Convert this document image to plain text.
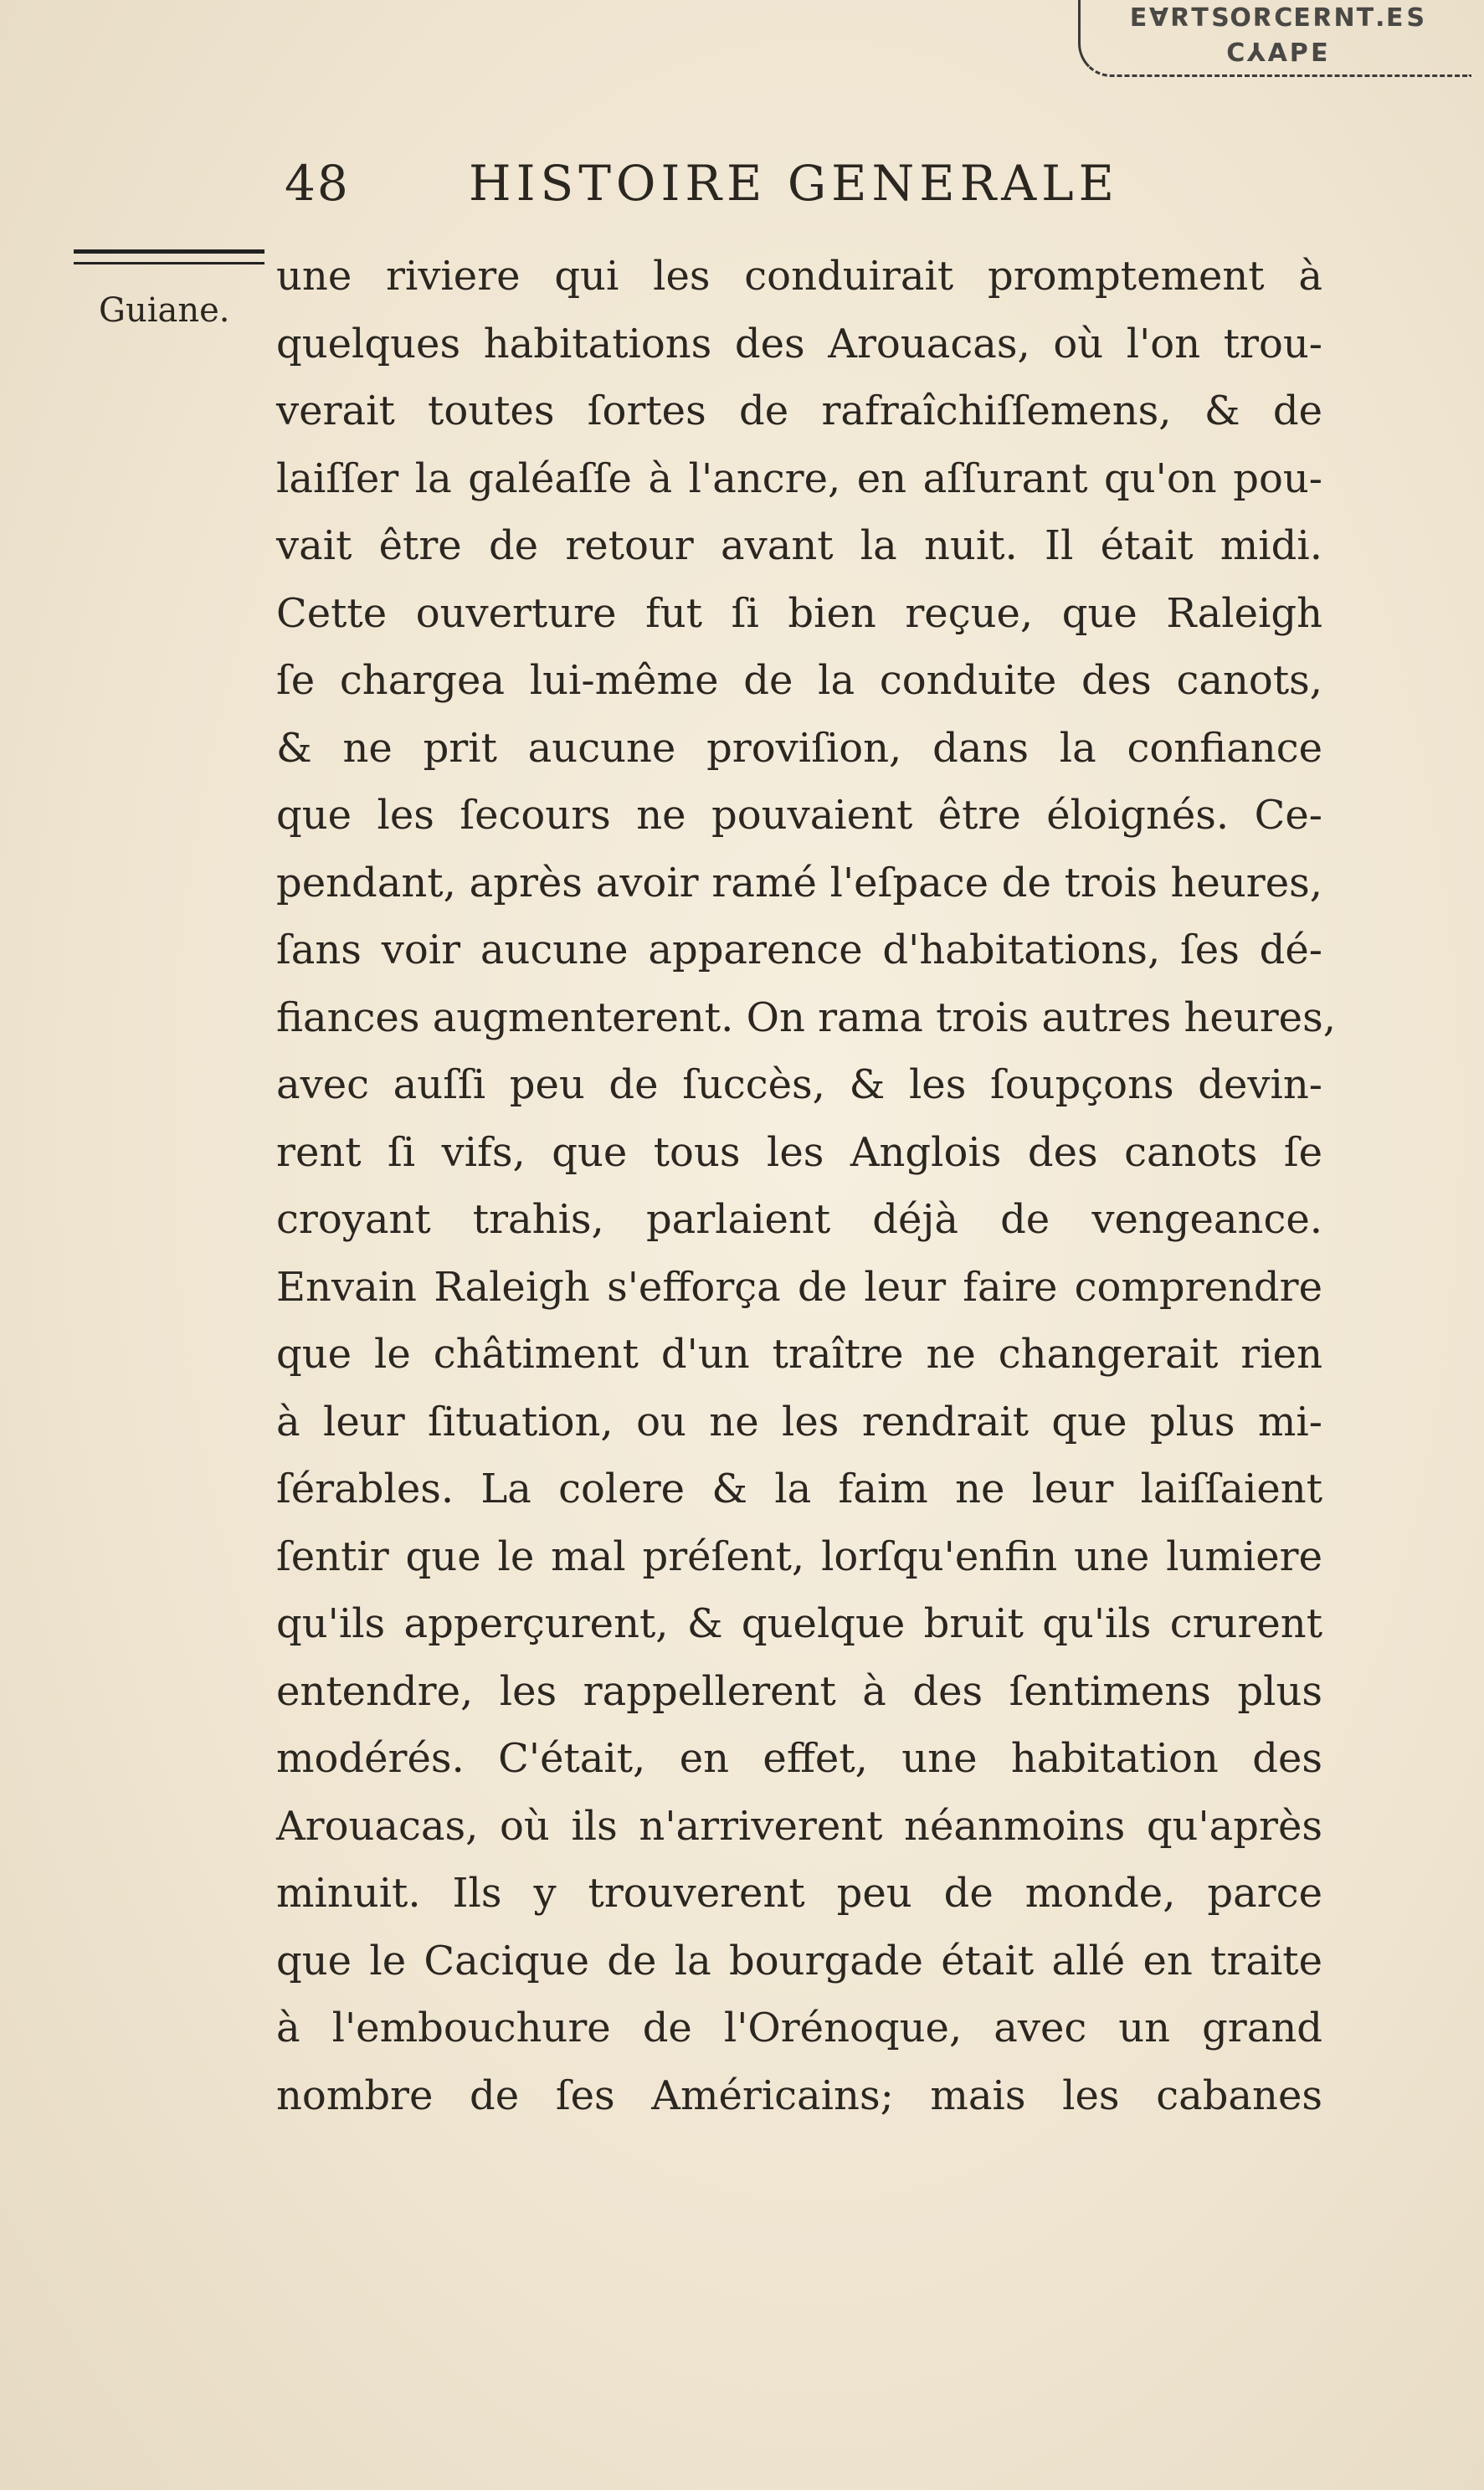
ƧƎ.TИЯƎƆЯOƧTЯ∀Ǝ
ƎԀ∀ΥƆ
48 HISTOIRE GENERALE
Guiane.
une riviere qui les conduirait promptement à
quelques habitations des Arouacas, où l'on trou-
verait toutes ſortes de rafraîchiſſemens, & de
laiſſer la galéaſſe à l'ancre, en aſſurant qu'on pou-
vait être de retour avant la nuit. Il était midi.
Cette ouverture fut ſi bien reçue, que Raleigh
ſe chargea lui-même de la conduite des canots,
& ne prit aucune proviſion, dans la confiance
que les ſecours ne pouvaient être éloignés. Ce-
pendant, après avoir ramé l'eſpace de trois heures,
ſans voir aucune apparence d'habitations, ſes dé-
fiances augmenterent. On rama trois autres heures,
avec auſſi peu de ſuccès, & les ſoupçons devin-
rent ſi vifs, que tous les Anglois des canots ſe
croyant trahis, parlaient déjà de vengeance.
Envain Raleigh s'efforça de leur faire comprendre
que le châtiment d'un traître ne changerait rien
à leur ſituation, ou ne les rendrait que plus mi-
ſérables. La colere & la faim ne leur laiſſaient
ſentir que le mal préſent, lorſqu'enfin une lumiere
qu'ils apperçurent, & quelque bruit qu'ils crurent
entendre, les rappellerent à des ſentimens plus
modérés. C'était, en effet, une habitation des
Arouacas, où ils n'arriverent néanmoins qu'après
minuit. Ils y trouverent peu de monde, parce
que le Cacique de la bourgade était allé en traite
à l'embouchure de l'Orénoque, avec un grand
nombre de ſes Américains; mais les cabanes
